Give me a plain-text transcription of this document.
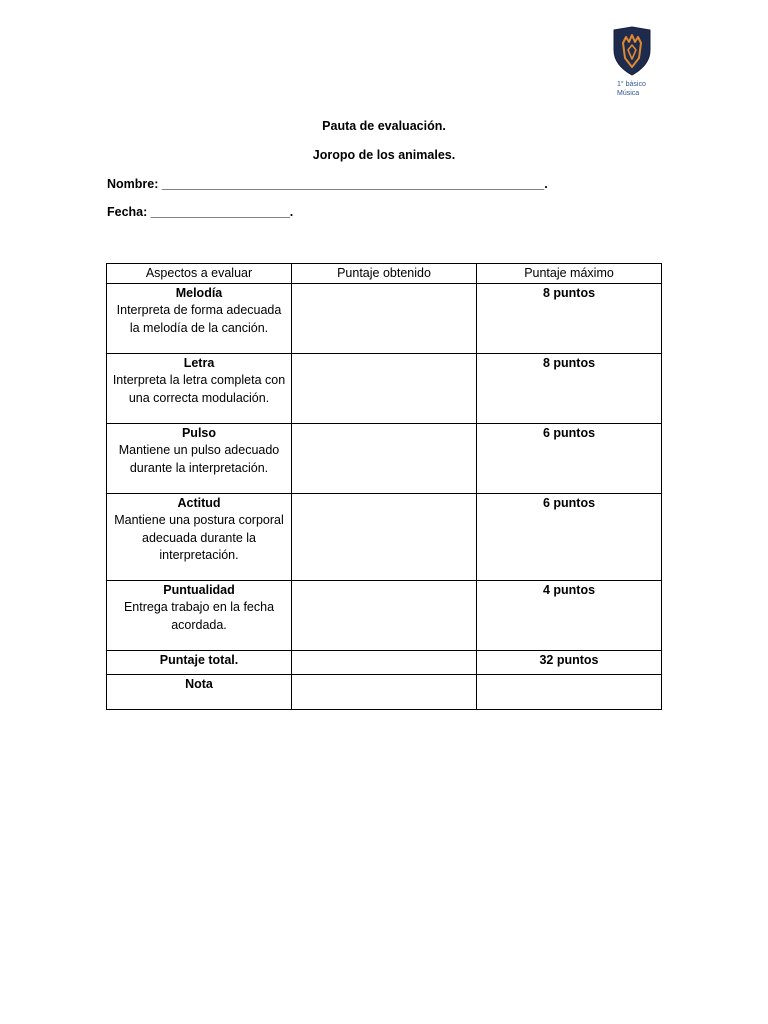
1° básico
Música
Pauta de evaluación.
Joropo de los animales.
Nombre: _______________________________________________________.
Fecha: ____________________.
Aspectos a evaluar	Puntaje obtenido	Puntaje máximo

Melodía
Interpreta de forma adecuada la melodía de la canción.		8 puntos

Letra
Interpreta la letra completa con una correcta modulación.		8 puntos

Pulso
Mantiene un pulso adecuado durante la interpretación.		6 puntos

Actitud
Mantiene una postura corporal adecuada durante la interpretación.		6 puntos

Puntualidad
Entrega trabajo en la fecha acordada.		4 puntos

Puntaje total.		32 puntos

Nota		
